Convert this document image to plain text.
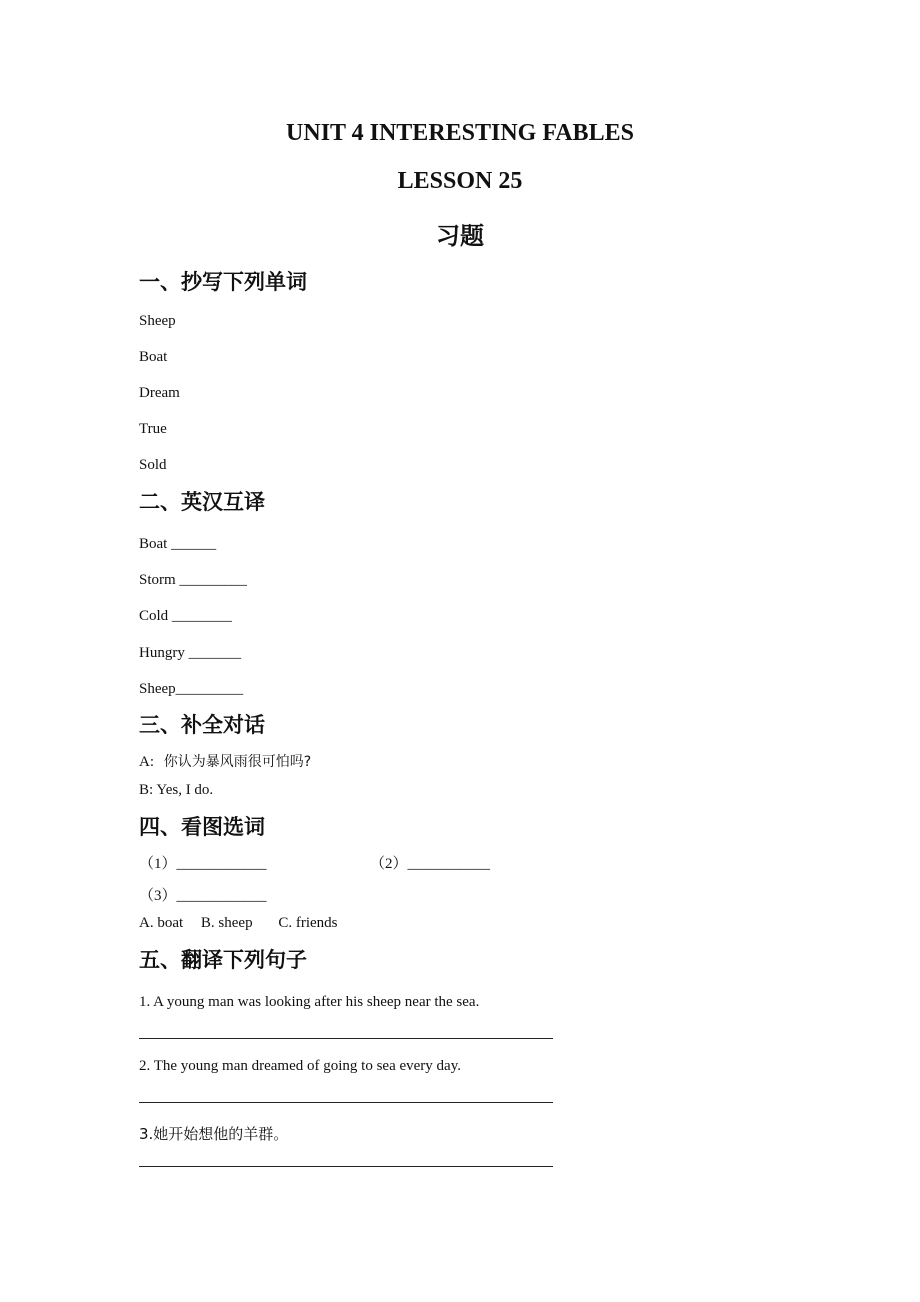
UNIT 4 INTERESTING FABLES
LESSON 25
习题
一、抄写下列单词
Sheep
Boat
Dream
True
Sold
二、英汉互译
Boat ______
Storm _________
Cold ________
Hungry _______
Sheep_________
三、补全对话
A: 你认为暴风雨很可怕吗?
B: Yes, I do.
四、看图选词
（1）____________	（2）___________
（3）____________
A. boat B. sheep C. friends
五、翻译下列句子
1. A young man was looking after his sheep near the sea.
2. The young man dreamed of going to sea every day.
3.她开始想他的羊群。
